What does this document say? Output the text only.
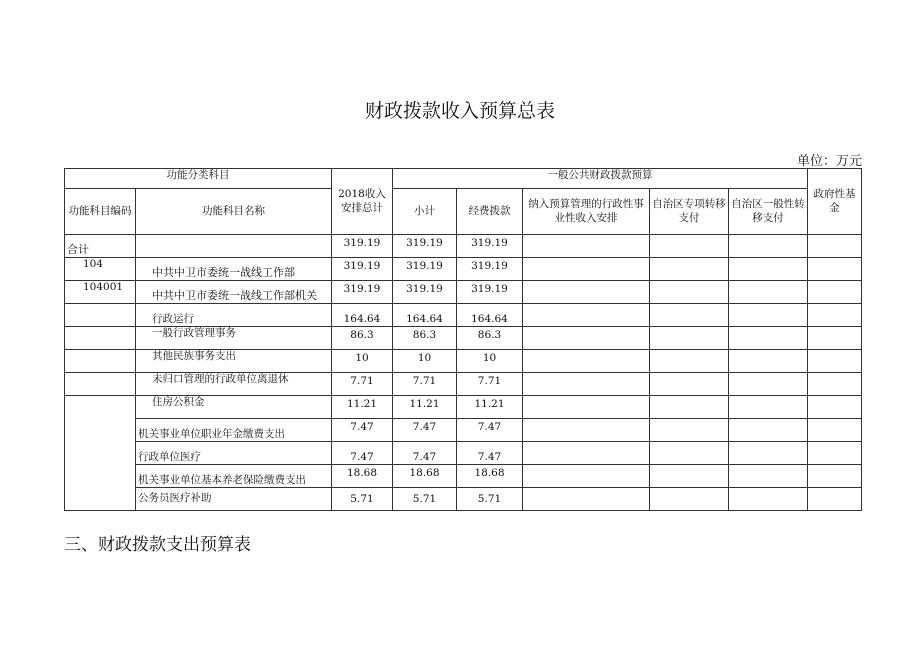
财政拨款收入预算总表
单位：万元
功能分类科目		2018收入安排总计	一般公共财政拨款预算					政府性基金
功能科目编码	功能科目名称		小计	经费拨款	纳入预算管理的行政性事业性收入安排	自治区专项转移支付	自治区一般性转移支付	
合计		319.19	319.19	319.19				
104	中共中卫市委统一战线工作部	319.19	319.19	319.19				
104001	中共中卫市委统一战线工作部机关	319.19	319.19	319.19				
	行政运行	164.64	164.64	164.64				
	一般行政管理事务	86.3	86.3	86.3				
	其他民族事务支出	10	10	10				
	未归口管理的行政单位离退休	7.71	7.71	7.71				
	住房公积金	11.21	11.21	11.21				
	机关事业单位职业年金缴费支出	7.47	7.47	7.47				
	行政单位医疗	7.47	7.47	7.47				
	机关事业单位基本养老保险缴费支出	18.68	18.68	18.68				
	公务员医疗补助	5.71	5.71	5.71				
三、财政拨款支出预算表
